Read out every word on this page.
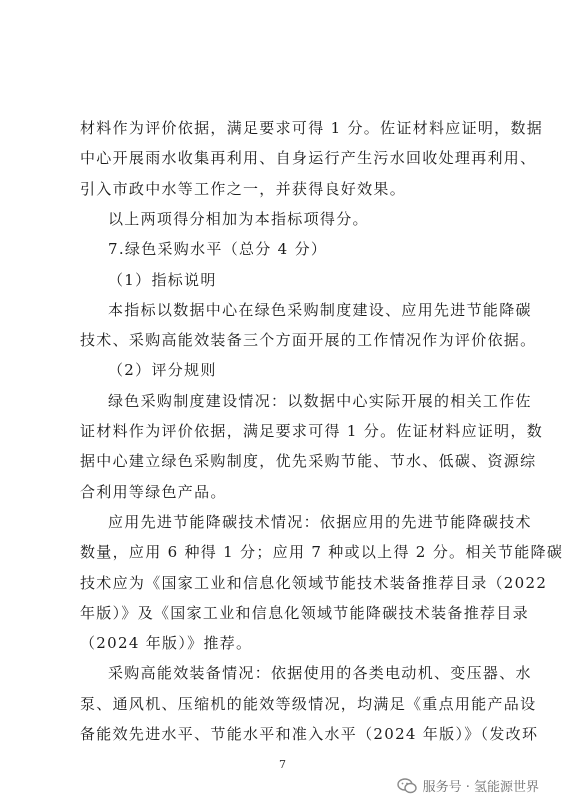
材料作为评价依据，满足要求可得 1 分。佐证材料应证明，数据
中心开展雨水收集再利用、自身运行产生污水回收处理再利用、
引入市政中水等工作之一，并获得良好效果。
以上两项得分相加为本指标项得分。
7.绿色采购水平（总分 4 分）
（1）指标说明
本指标以数据中心在绿色采购制度建设、应用先进节能降碳
技术、采购高能效装备三个方面开展的工作情况作为评价依据。
（2）评分规则
绿色采购制度建设情况：以数据中心实际开展的相关工作佐
证材料作为评价依据，满足要求可得 1 分。佐证材料应证明，数
据中心建立绿色采购制度，优先采购节能、节水、低碳、资源综
合利用等绿色产品。
应用先进节能降碳技术情况：依据应用的先进节能降碳技术
数量，应用 6 种得 1 分；应用 7 种或以上得 2 分。相关节能降碳
技术应为《国家工业和信息化领域节能技术装备推荐目录（2022
年版）》及《国家工业和信息化领域节能降碳技术装备推荐目录
（2024 年版）》推荐。
采购高能效装备情况：依据使用的各类电动机、变压器、水
泵、通风机、压缩机的能效等级情况，均满足《重点用能产品设
备能效先进水平、节能水平和准入水平（2024 年版）》（发改环
7
服务号 · 氢能源世界
